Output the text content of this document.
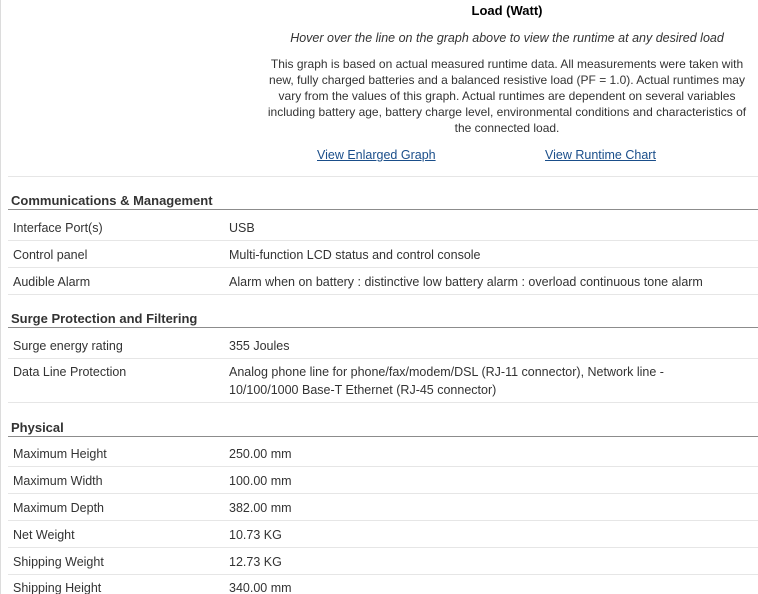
Load (Watt)
Hover over the line on the graph above to view the runtime at any desired load
This graph is based on actual measured runtime data. All measurements were taken with new, fully charged batteries and a balanced resistive load (PF = 1.0). Actual runtimes may vary from the values of this graph. Actual runtimes are dependent on several variables including battery age, battery charge level, environmental conditions and characteristics of the connected load.
View Enlarged Graph	View Runtime Chart
Communications & Management
Interface Port(s)	USB
Control panel	Multi-function LCD status and control console
Audible Alarm	Alarm when on battery : distinctive low battery alarm : overload continuous tone alarm
Surge Protection and Filtering
Surge energy rating	355 Joules
Data Line Protection	Analog phone line for phone/fax/modem/DSL (RJ-11 connector), Network line - 10/100/1000 Base-T Ethernet (RJ-45 connector)
Physical
Maximum Height	250.00 mm
Maximum Width	100.00 mm
Maximum Depth	382.00 mm
Net Weight	10.73 KG
Shipping Weight	12.73 KG
Shipping Height	340.00 mm
